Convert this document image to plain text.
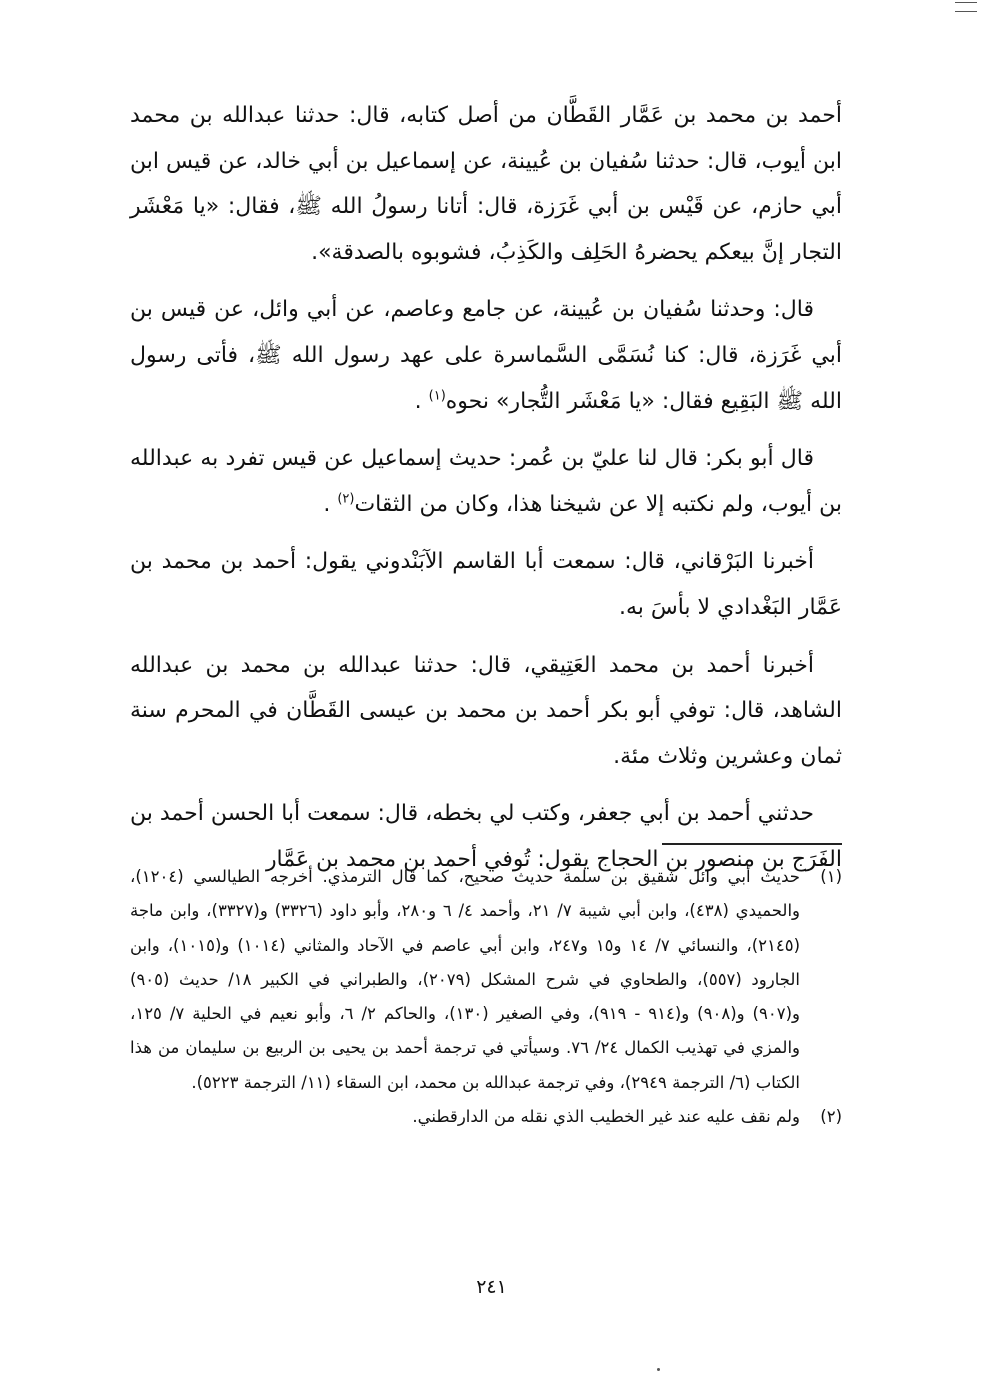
أحمد بن محمد بن عَمَّار القَطَّان من أصل كتابه، قال: حدثنا عبدالله بن محمد ابن أيوب، قال: حدثنا سُفيان بن عُيينة، عن إسماعيل بن أبي خالد، عن قيس ابن أبي حازم، عن قَيْس بن أبي غَرَزة، قال: أتانا رسولُ الله ﷺ، فقال: «يا مَعْشَر التجار إنَّ بيعكم يحضرهُ الحَلِف والكَذِبُ، فشوبوه بالصدقة».

قال: وحدثنا سُفيان بن عُيينة، عن جامع وعاصم، عن أبي وائل، عن قيس بن أبي غَرَزة، قال: كنا نُسَمَّى السَّماسرة على عهد رسول الله ﷺ، فأتى رسول الله ﷺ البَقِيع فقال: «يا مَعْشَر التُّجار» نحوه$^{(١)}$ .

قال أبو بكر: قال لنا عليّ بن عُمر: حديث إسماعيل عن قيس تفرد به عبدالله بن أيوب، ولم نكتبه إلا عن شيخنا هذا، وكان من الثقات$^{(٢)}$ .

أخبرنا البَرْقاني، قال: سمعت أبا القاسم الآبَنْدوني يقول: أحمد بن محمد بن عَمَّار البَغْدادي لا بأسَ به.

أخبرنا أحمد بن محمد العَتِيقي، قال: حدثنا عبدالله بن محمد بن عبدالله الشاهد، قال: توفي أبو بكر أحمد بن محمد بن عيسى القَطَّان في المحرم سنة ثمان وعشرين وثلاث مئة.

حدثني أحمد بن أبي جعفر، وكتب لي بخطه، قال: سمعت أبا الحسن أحمد بن الفَرَج بن منصور بن الحجاج يقول: تُوفي أحمد بن محمد بن عَمَّار

(١)
حديث أبي وائل شقيق بن سلمة حديث صحيح، كما قال الترمذي. أخرجه الطيالسي (١٢٠٤)، والحميدي (٤٣٨)، وابن أبي شيبة ٧/ ٢١، وأحمد ٤/ ٦ و٢٨٠، وأبو داود (٣٣٢٦) و(٣٣٢٧)، وابن ماجة (٢١٤٥)، والنسائي ٧/ ١٤ و١٥ و٢٤٧، وابن أبي عاصم في الآحاد والمثاني (١٠١٤) و(١٠١٥)، وابن الجارود (٥٥٧)، والطحاوي في شرح المشكل (٢٠٧٩)، والطبراني في الكبير ١٨/ حديث (٩٠٥) و(٩٠٧) و(٩٠٨) و(٩١٤ - ٩١٩)، وفي الصغير (١٣٠)، والحاكم ٢/ ٦، وأبو نعيم في الحلية ٧/ ١٢٥، والمزي في تهذيب الكمال ٢٤/ ٧٦. وسيأتي في ترجمة أحمد بن يحيى بن الربيع بن سليمان من هذا الكتاب (٦/ الترجمة ٢٩٤٩)، وفي ترجمة عبدالله بن محمد، ابن السقاء (١١/ الترجمة ٥٢٢٣).
(٢)
ولم نقف عليه عند غير الخطيب الذي نقله من الدارقطني.
٢٤١
